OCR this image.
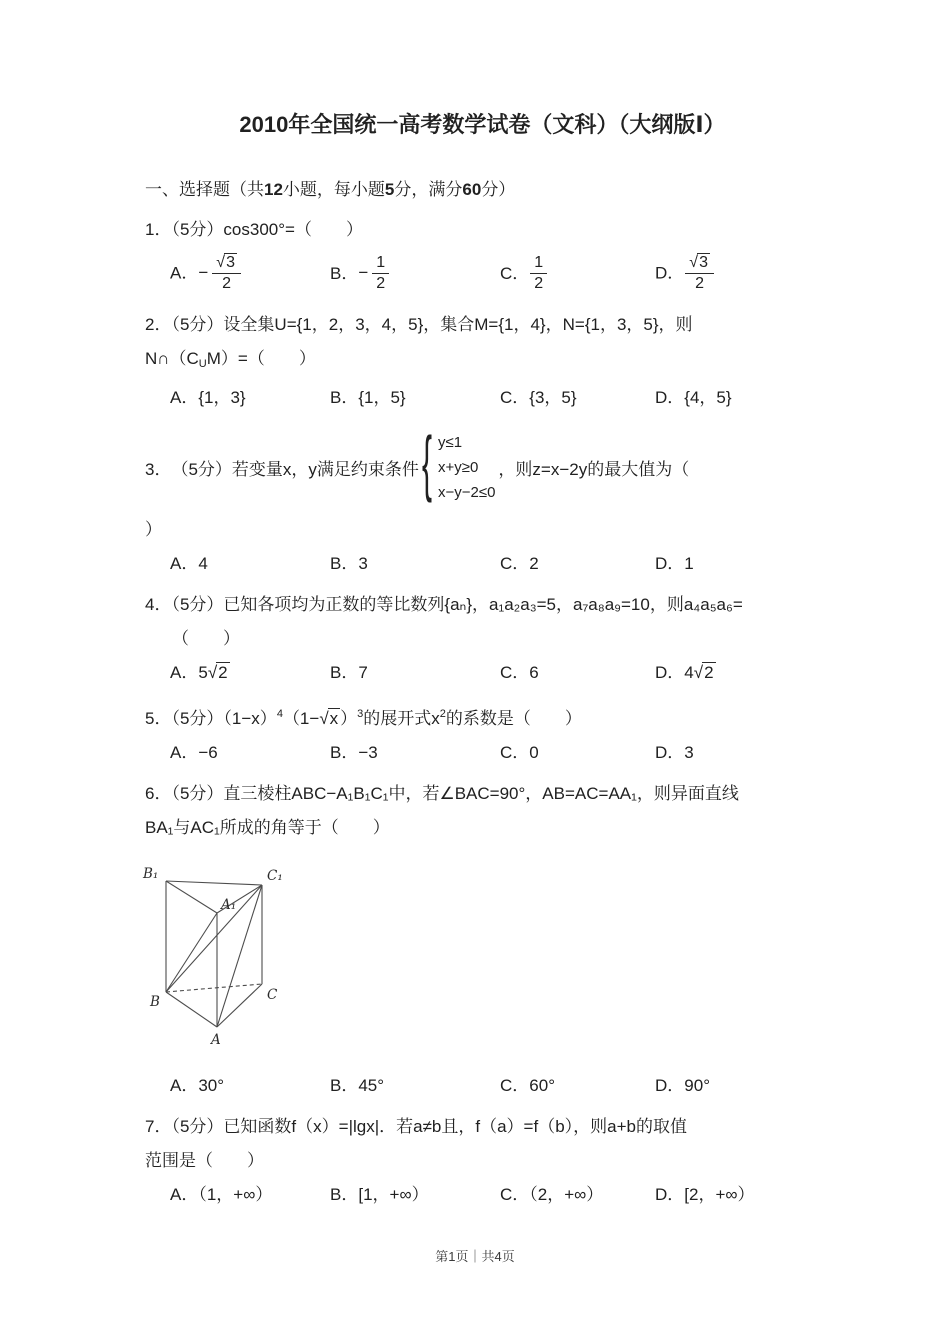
2010年全国统一高考数学试卷（文科）（大纲版Ⅰ）

一、选择题（共12小题，每小题5分，满分60分）

1．（5分）cos300°=（　　）
A．− $\frac{√ 3}{2}$	B．− $\frac{1}{2}$	C． $\frac{1}{2}$	D． $\frac{√ 3}{2}$
2．（5分）设全集U={1，2，3，4，5}，集合M={1，4}，N={1，3，5}，则
$N\cap(C_UM)=$（　　）
A．{1，3}	B．{1，5}	C．{3，5}	D．{4，5}
3． （5分）若变量x，y满足约束条件 { y≤1
x+y≥0
x−y−2≤0
，则z=x−2y的最大值为（
）
A．4	B．3	C．2	D．1
4．（5分）已知各项均为正数的等比数列{aₙ}，a₁a₂a₃=5，a₇a₈a₉=10，则a₄a₅a₆=
（　　）
A．5√ 2	B．7	C．6	D．4√ 2
5．（5分）$(1-x)^4(1-√$ x ）$^3$的展开式$x^2$的系数是（　　）
A．−6	B．−3	C．0	D．3
6．（5分）直三棱柱ABC−A₁B₁C₁中，若∠BAC=90°，AB=AC=AA₁，则异面直线
BA₁与AC₁所成的角等于（　　）
B₁	C₁
A₁
B	C
A
A．30°	B．45°	C．60°	D．90°
7．（5分）已知函数f（x）=|lgx|．若a≠b且，f（a）=f（b），则a+b的取值
范围是（　　）
A．（1，+∞）	B．[1，+∞）	C．（2，+∞）	D．[2，+∞）
第1页｜共4页
